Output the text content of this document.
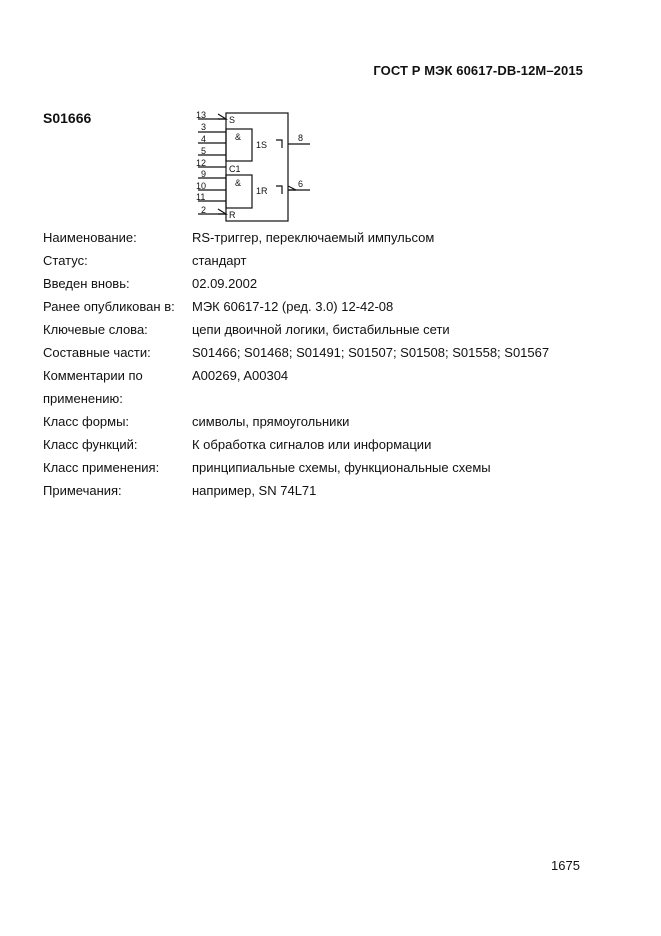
ГОСТ Р МЭК 60617-DB-12M–2015
S01666	13
3
4
5
12
9
10
11
2
8
6
S
&
1S
C1
&
1R
R
Наименование:	RS-триггер, переключаемый импульсом
Статус:	стандарт
Введен вновь:	02.09.2002
Ранее опубликован в:	МЭК 60617-12 (ред. 3.0) 12-42-08
Ключевые слова:	цепи двоичной логики, бистабильные сети
Составные части:	S01466; S01468; S01491; S01507; S01508; S01558; S01567
Комментарии по	A00269, A00304
применению:
Класс формы:	символы, прямоугольники
Класс функций:	К обработка сигналов или информации
Класс применения:	принципиальные схемы, функциональные схемы
Примечания:	например, SN 74L71
1675
